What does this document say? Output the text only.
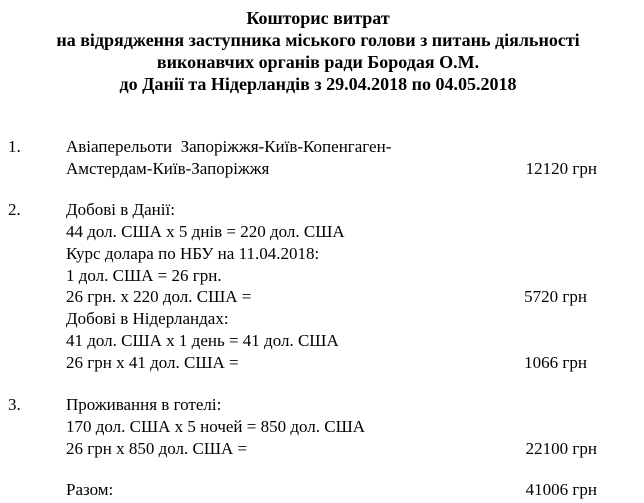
Кошторис витрат
на відрядження заступника міського голови з питань діяльності
виконавчих органів ради Бородая О.М.
до Данії та Нідерландів з 29.04.2018 по 04.05.2018
1.	Авіаперельоти  Запоріжжя-Київ-Копенгаген-
Амстердам-Київ-Запоріжжя	12120 грн
2.	Добові в Данії:
44 дол. США х 5 днів = 220 дол. США
Курс долара по НБУ на 11.04.2018:
1 дол. США = 26 грн.
26 грн. х 220 дол. США =	5720 грн
Добові в Нідерландах:
41 дол. США х 1 день = 41 дол. США
26 грн х 41 дол. США =	1066 грн
3.	Проживання в готелі:
170 дол. США х 5 ночей = 850 дол. США
26 грн х 850 дол. США =	22100 грн
Разом:	41006 грн
